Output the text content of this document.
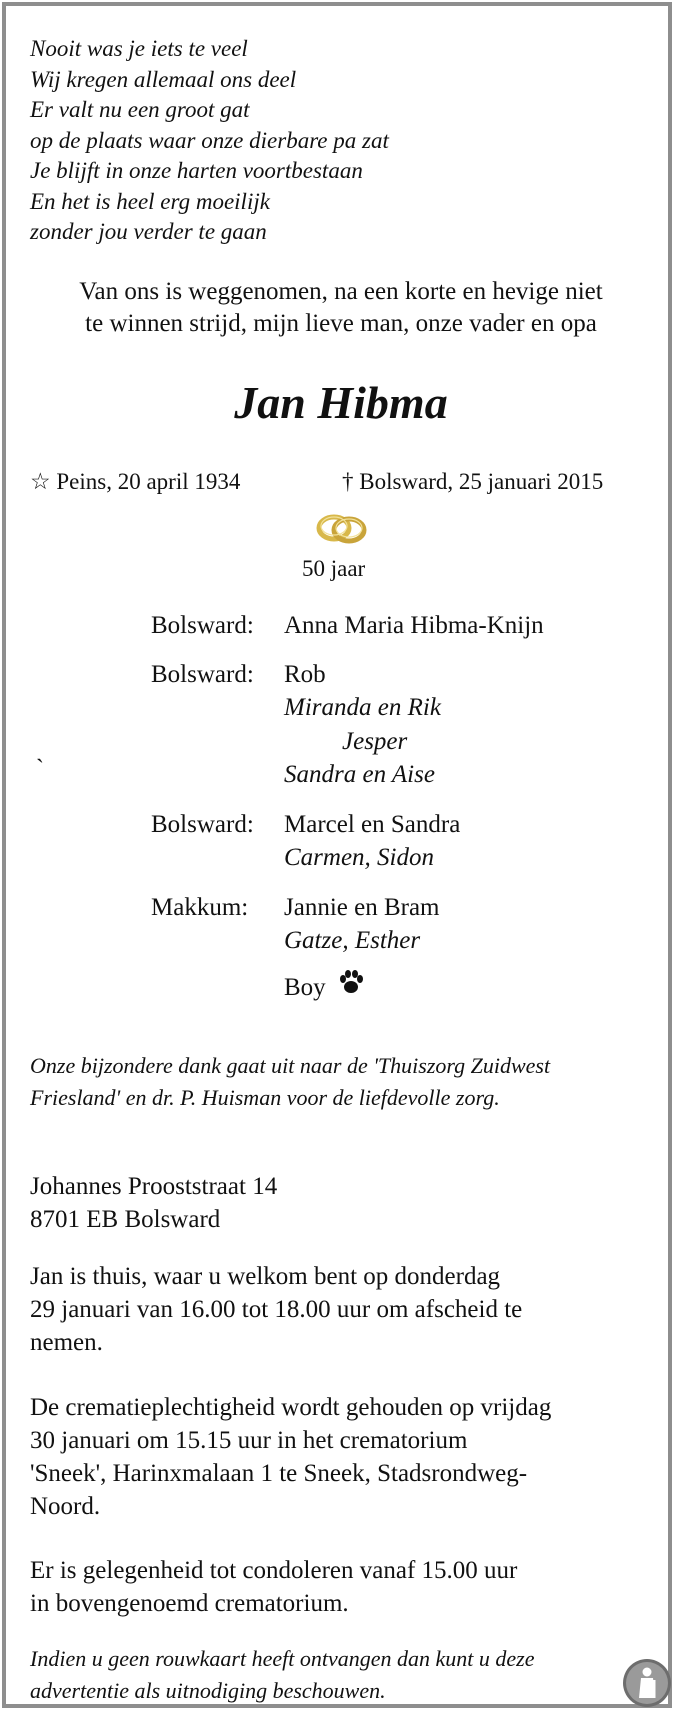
Nooit was je iets te veel
Wij kregen allemaal ons deel
Er valt nu een groot gat
op de plaats waar onze dierbare pa zat
Je blijft in onze harten voortbestaan
En het is heel erg moeilijk
zonder jou verder te gaan
Van ons is weggenomen, na een korte en hevige niet
te winnen strijd, mijn lieve man, onze vader en opa
Jan Hibma
☆ Peins, 20 april 1934	† Bolsward, 25 januari 2015
50 jaar
Bolsward: Anna Maria Hibma-Knijn
Bolsward: Rob
Miranda en Rik
Jesper
Sandra en Aise
`
Bolsward: Marcel en Sandra
Carmen, Sidon
Makkum: Jannie en Bram
Gatze, Esther
Boy
Onze bijzondere dank gaat uit naar de 'Thuiszorg Zuidwest
Friesland' en dr. P. Huisman voor de liefdevolle zorg.
Johannes Prooststraat 14
8701 EB Bolsward
Jan is thuis, waar u welkom bent op donderdag
29 januari van 16.00 tot 18.00 uur om afscheid te
nemen.
De crematieplechtigheid wordt gehouden op vrijdag
30 januari om 15.15 uur in het crematorium
'Sneek', Harinxmalaan 1 te Sneek, Stadsrondweg-
Noord.
Er is gelegenheid tot condoleren vanaf 15.00 uur
in bovengenoemd crematorium.
Indien u geen rouwkaart heeft ontvangen dan kunt u deze
advertentie als uitnodiging beschouwen.
